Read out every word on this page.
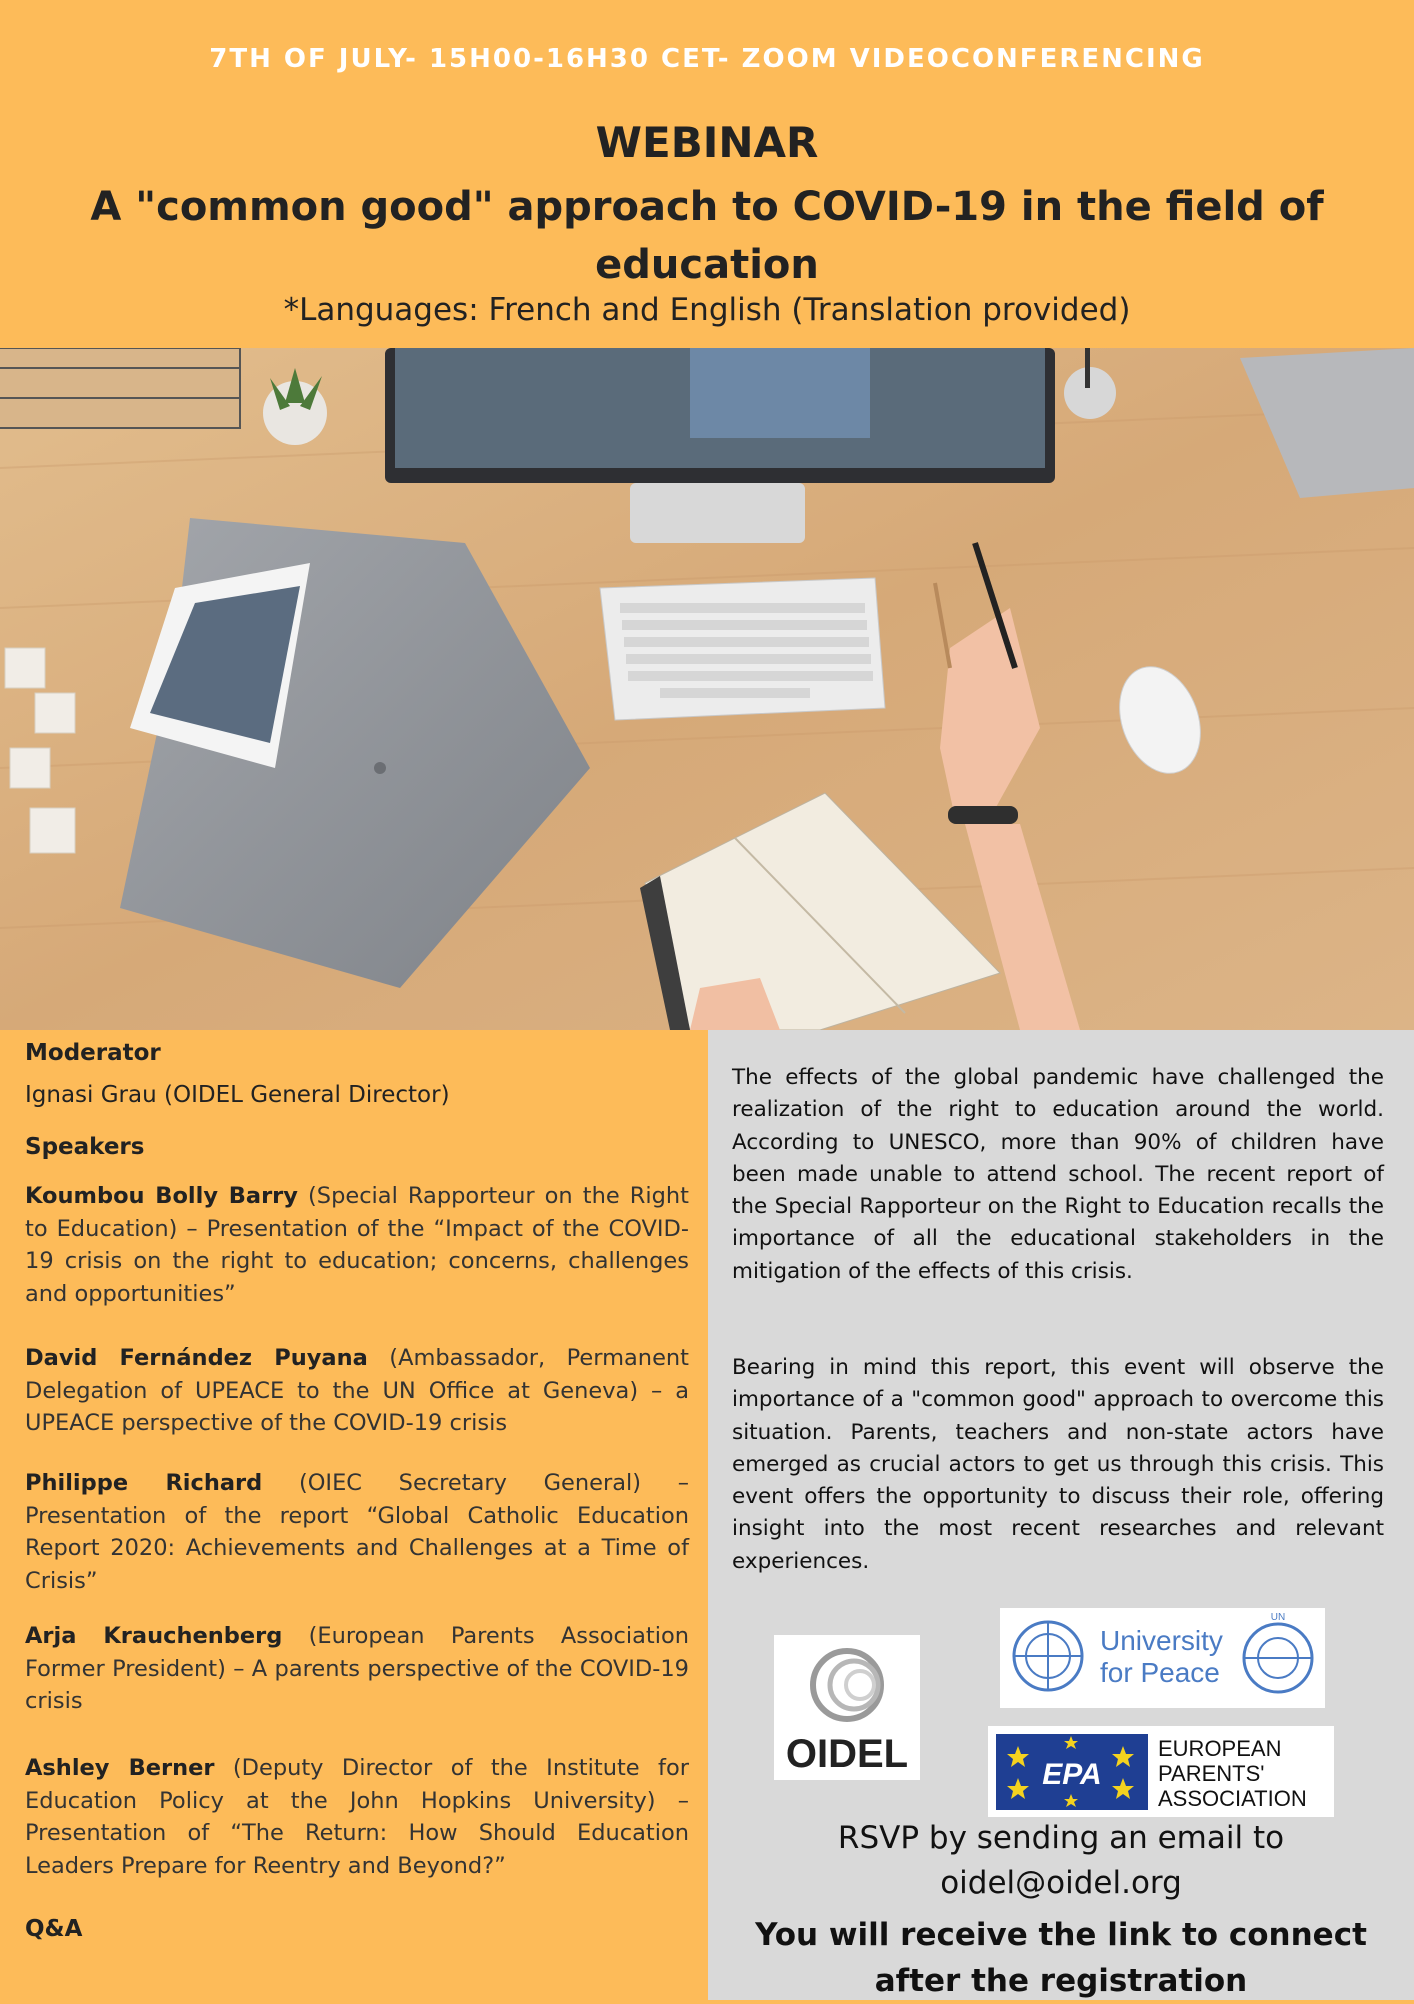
7TH OF JULY- 15H00-16H30 CET- ZOOM VIDEOCONFERENCING
WEBINAR
A "common good" approach to COVID-19 in the field of education
*Languages: French and English (Translation provided)
Moderator
Ignasi Grau (OIDEL General Director)
Speakers
Koumbou Bolly Barry (Special Rapporteur on the Right to Education) – Presentation of the “Impact of the COVID-19 crisis on the right to education; concerns, challenges and opportunities”
David Fernández Puyana (Ambassador, Permanent Delegation of UPEACE to the UN Office at Geneva) – a UPEACE perspective of the COVID-19 crisis
Philippe Richard (OIEC Secretary General) – Presentation of the report “Global Catholic Education Report 2020: Achievements and Challenges at a Time of Crisis”
Arja Krauchenberg (European Parents Association Former President) – A parents perspective of the COVID-19 crisis
Ashley Berner (Deputy Director of the Institute for Education Policy at the John Hopkins University) – Presentation of “The Return: How Should Education Leaders Prepare for Reentry and Beyond?”
Q&A
The effects of the global pandemic have challenged the realization of the right to education around the world. According to UNESCO, more than 90% of children have been made unable to attend school. The recent report of the Special Rapporteur on the Right to Education recalls the importance of all the educational stakeholders in the mitigation of the effects of this crisis.
Bearing in mind this report, this event will observe the importance of a "common good" approach to overcome this situation. Parents, teachers and non-state actors have emerged as crucial actors to get us through this crisis. This event offers the opportunity to discuss their role, offering insight into the most recent researches and relevant experiences.
OIDEL
University
for Peace
UN
EPA
EUROPEAN
PARENTS'
ASSOCIATION
RSVP by sending an email to
oidel@oidel.org
You will receive the link to connect after the registration
